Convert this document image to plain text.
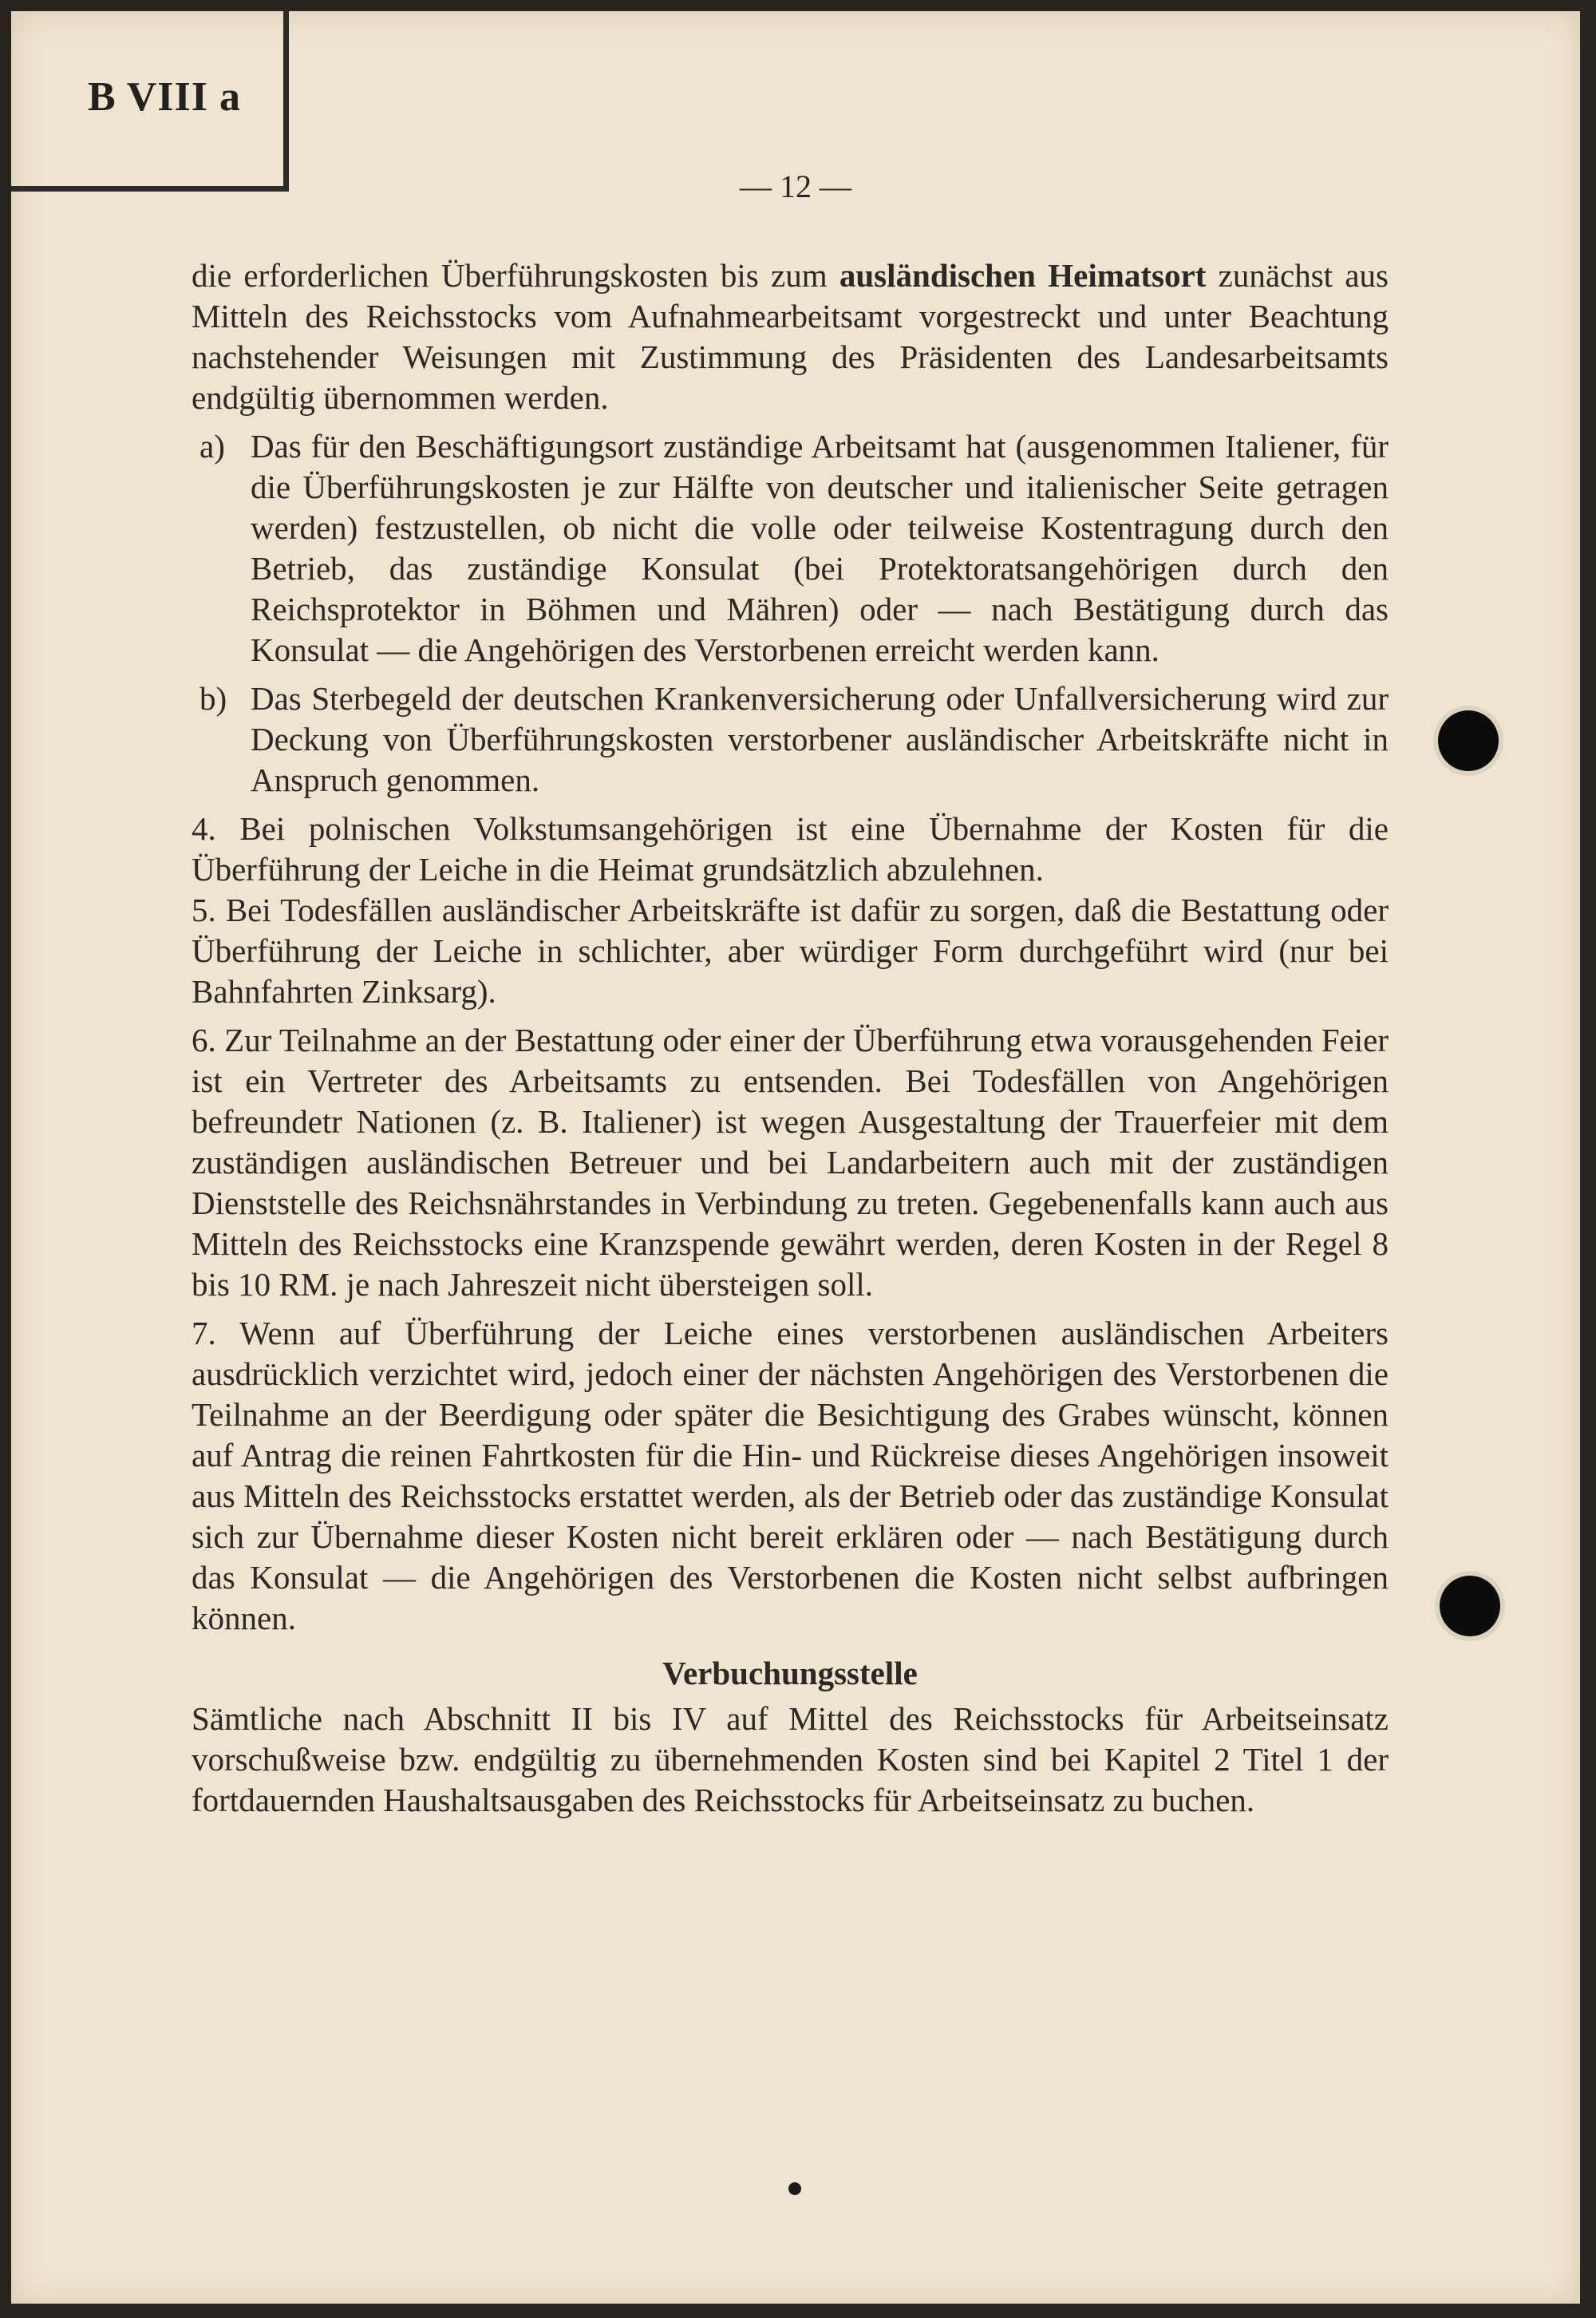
B VIII a
— 12 —

die erforderlichen Überführungskosten bis zum ausländischen Heimatsort zunächst aus Mitteln des Reichsstocks vom Aufnahmearbeitsamt vorgestreckt und unter Beachtung nachstehender Weisungen mit Zustimmung des Präsidenten des Landesarbeitsamts endgültig übernommen werden.

a) Das für den Beschäftigungsort zuständige Arbeitsamt hat (ausgenommen Italiener, für die Überführungskosten je zur Hälfte von deutscher und italienischer Seite getragen werden) festzustellen, ob nicht die volle oder teilweise Kostentragung durch den Betrieb, das zuständige Konsulat (bei Protektoratsangehörigen durch den Reichsprotektor in Böhmen und Mähren) oder — nach Bestätigung durch das Konsulat — die Angehörigen des Verstorbenen erreicht werden kann.
b) Das Sterbegeld der deutschen Krankenversicherung oder Unfallversicherung wird zur Deckung von Überführungskosten verstorbener ausländischer Arbeitskräfte nicht in Anspruch genommen.

4. Bei polnischen Volkstumsangehörigen ist eine Übernahme der Kosten für die Überführung der Leiche in die Heimat grundsätzlich abzulehnen.

5. Bei Todesfällen ausländischer Arbeitskräfte ist dafür zu sorgen, daß die Bestattung oder Überführung der Leiche in schlichter, aber würdiger Form durchgeführt wird (nur bei Bahnfahrten Zinksarg).

6. Zur Teilnahme an der Bestattung oder einer der Überführung etwa vorausgehenden Feier ist ein Vertreter des Arbeitsamts zu entsenden. Bei Todesfällen von Angehörigen befreundetr Nationen (z. B. Italiener) ist wegen Ausgestaltung der Trauerfeier mit dem zuständigen ausländischen Betreuer und bei Landarbeitern auch mit der zuständigen Dienststelle des Reichsnährstandes in Verbindung zu treten. Gegebenenfalls kann auch aus Mitteln des Reichsstocks eine Kranzspende gewährt werden, deren Kosten in der Regel 8 bis 10 RM. je nach Jahreszeit nicht übersteigen soll.

7. Wenn auf Überführung der Leiche eines verstorbenen ausländischen Arbeiters ausdrücklich verzichtet wird, jedoch einer der nächsten Angehörigen des Verstorbenen die Teilnahme an der Beerdigung oder später die Besichtigung des Grabes wünscht, können auf Antrag die reinen Fahrtkosten für die Hin- und Rückreise dieses Angehörigen insoweit aus Mitteln des Reichsstocks erstattet werden, als der Betrieb oder das zuständige Konsulat sich zur Übernahme dieser Kosten nicht bereit erklären oder — nach Bestätigung durch das Konsulat — die Angehörigen des Verstorbenen die Kosten nicht selbst aufbringen können.

Verbuchungsstelle

Sämtliche nach Abschnitt II bis IV auf Mittel des Reichsstocks für Arbeitseinsatz vorschußweise bzw. endgültig zu übernehmenden Kosten sind bei Kapitel 2 Titel 1 der fortdauernden Haushaltsausgaben des Reichsstocks für Arbeitseinsatz zu buchen.
